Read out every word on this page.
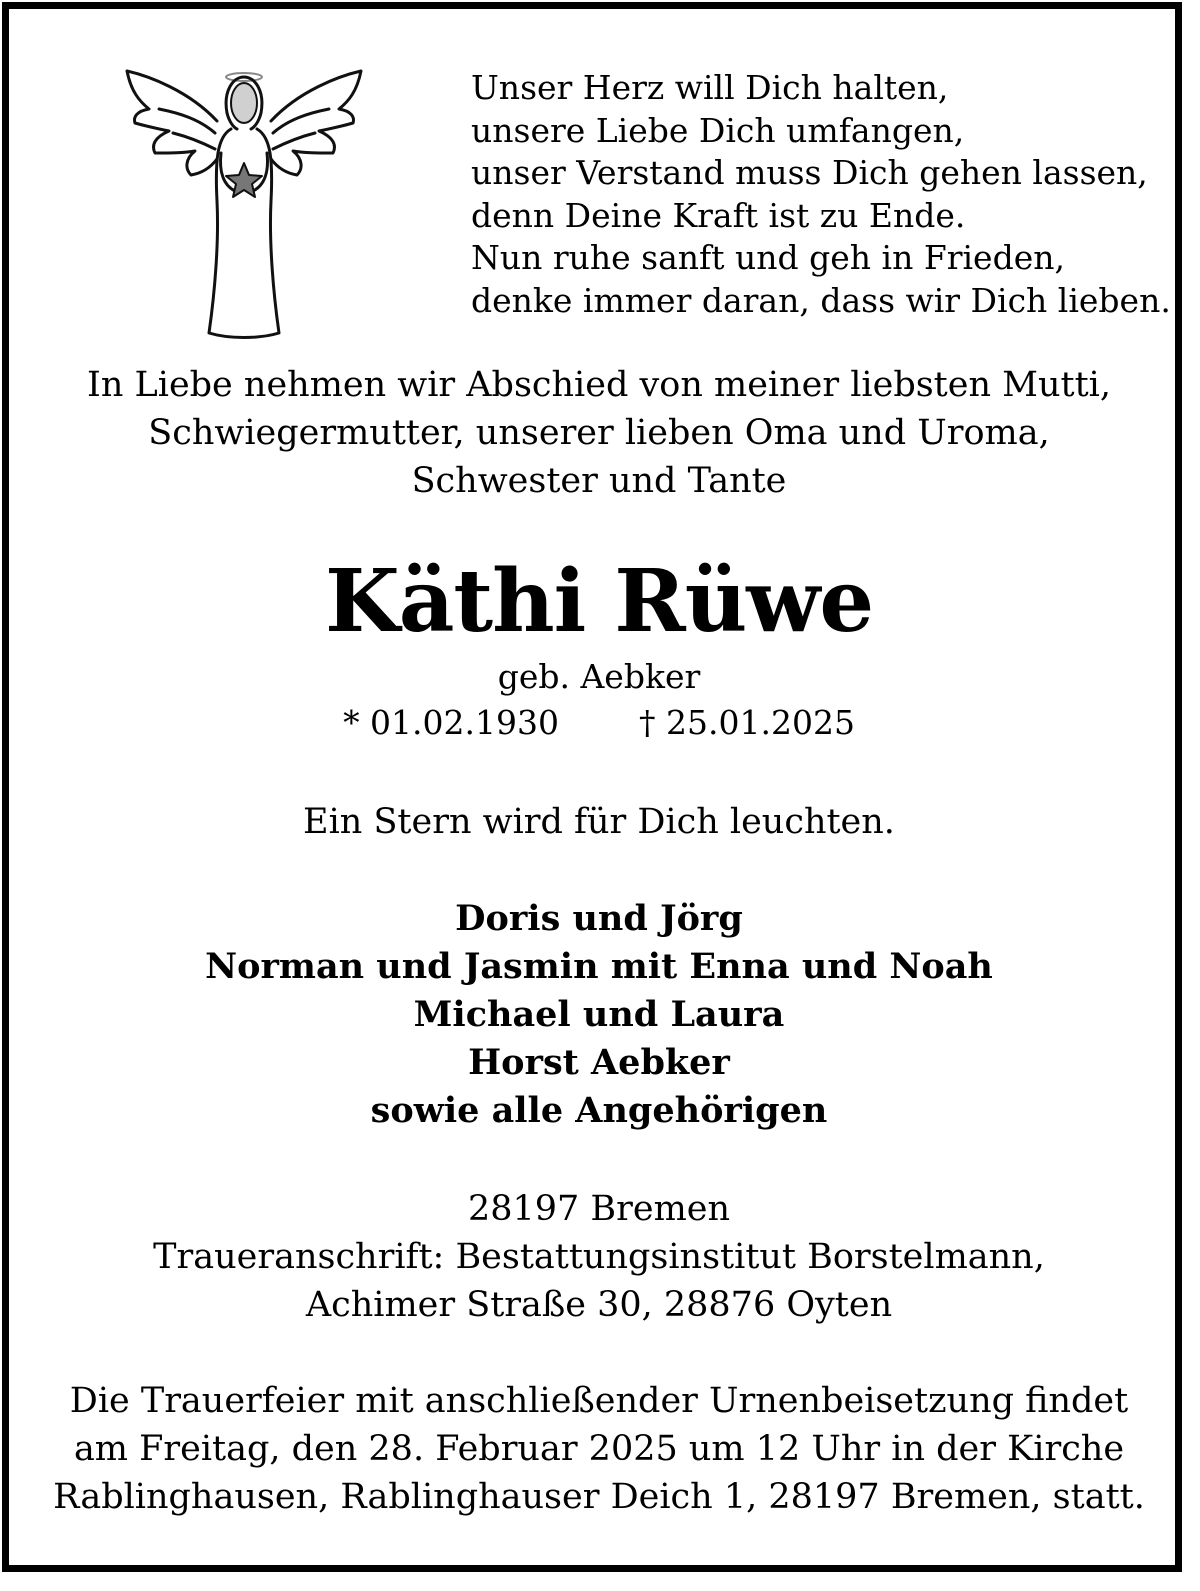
Unser Herz will Dich halten,
unsere Liebe Dich umfangen,
unser Verstand muss Dich gehen lassen,
denn Deine Kraft ist zu Ende.
Nun ruhe sanft und geh in Frieden,
denke immer daran, dass wir Dich lieben.
In Liebe nehmen wir Abschied von meiner liebsten Mutti,
Schwiegermutter, unserer lieben Oma und Uroma,
Schwester und Tante
Käthi Rüwe
geb. Aebker
* 01.02.1930 † 25.01.2025
Ein Stern wird für Dich leuchten.
Doris und Jörg
Norman und Jasmin mit Enna und Noah
Michael und Laura
Horst Aebker
sowie alle Angehörigen
28197 Bremen
Traueranschrift: Bestattungsinstitut Borstelmann,
Achimer Straße 30, 28876 Oyten
Die Trauerfeier mit anschließender Urnenbeisetzung findet
am Freitag, den 28. Februar 2025 um 12 Uhr in der Kirche
Rablinghausen, Rablinghauser Deich 1, 28197 Bremen, statt.
